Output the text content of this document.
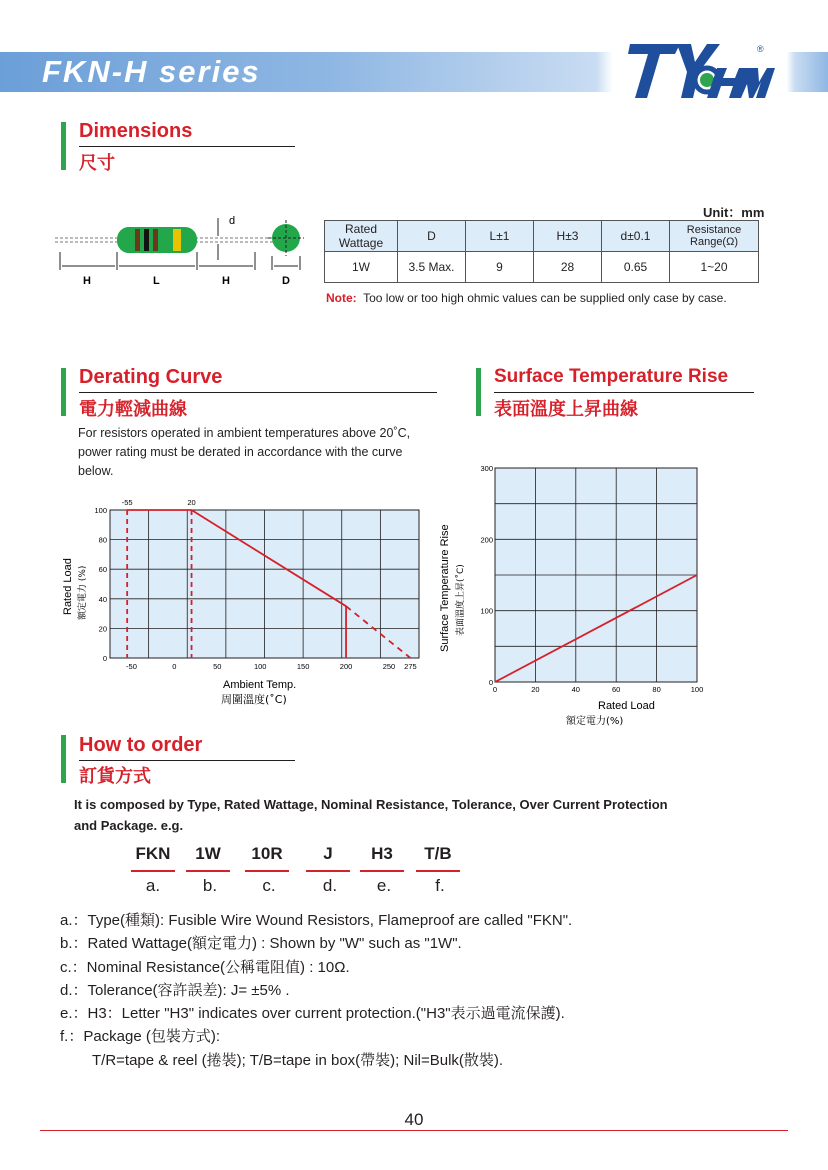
FKN-H series
®
Dimensions
尺寸
d
H	L	H	D
Unit：mm
Rated
Wattage	D	L±1	H±3	d±0.1	Resistance
Range(Ω)
1W	3.5 Max.	9	28	0.65	1~20
Note: Too low or too high ohmic values can be supplied only case by case.
Derating Curve
電力輕減曲線
For resistors operated in ambient temperatures above 20˚C,
power rating must be derated in accordance with the curve
below.
Surface Temperature Rise
表面溫度上昇曲線
-50	0	50	100	150	200	250 275
0
20
40
60
80
100
-55	20
Ambient Temp.
周圍溫度(˚C)
Rated Load 額定電力 (%)
0	20	40	60	80	100
0
100
200
300
Rated Load
額定電力(%)
Surface Temperature Rise 表面溫度上昇(˚C)
How to order
訂貨方式
It is composed by Type, Rated Wattage, Nominal Resistance, Tolerance, Over Current Protection
and Package. e.g.
FKN	1W	10R	J	H3	T/B
a.	b.	c.	d.	e.	f.
a.：Type(種類): Fusible Wire Wound Resistors, Flameproof are called "FKN".
b.：Rated Wattage(額定電力) : Shown by "W" such as "1W".
c.：Nominal Resistance(公稱電阻值) : 10Ω.
d.：Tolerance(容許誤差): J= ±5% .
e.：H3：Letter "H3" indicates over current protection.("H3"表示過電流保護).
f.：Package (包裝方式):
T/R=tape & reel (捲裝); T/B=tape in box(帶裝); Nil=Bulk(散裝).
40
